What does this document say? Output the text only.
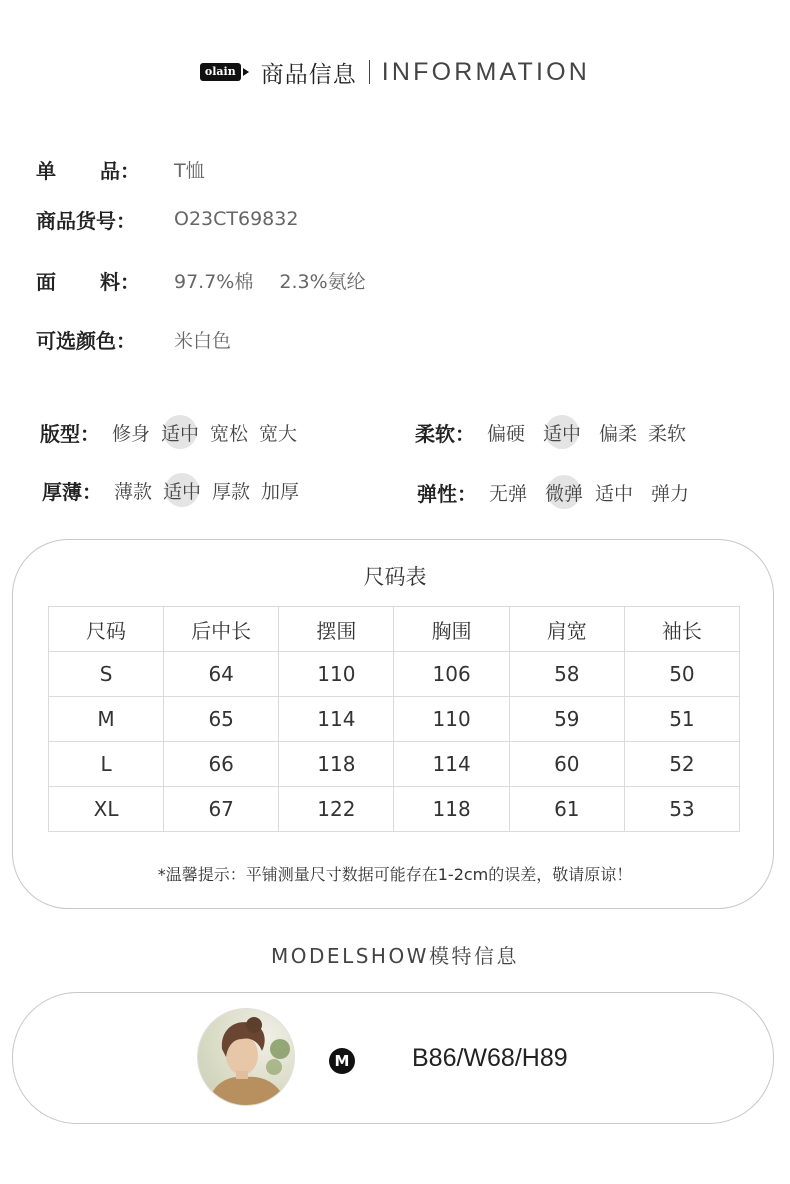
olain 商品信息 INFORMATION
单 品： T恤
商品货号：	O23CT69832
面 料： 97.7%棉 2.3%氨纶
可选颜色：	米白色
版型： 修身 适中 宽松 宽大	柔软： 偏硬 适中 偏柔 柔软
厚薄： 薄款 适中 厚款 加厚	弹性： 无弹 微弹 适中 弹力
尺码表
尺码	后中长	摆围	胸围	肩宽	袖长
S	64	110	106	58	50
M	65	114	110	59	51
L	66	118	114	60	52
XL	67	122	118	61	53
*温馨提示：平铺测量尺寸数据可能存在1-2cm的误差，敬请原谅！
MODELSHOW模特信息
M	B86/W68/H89
